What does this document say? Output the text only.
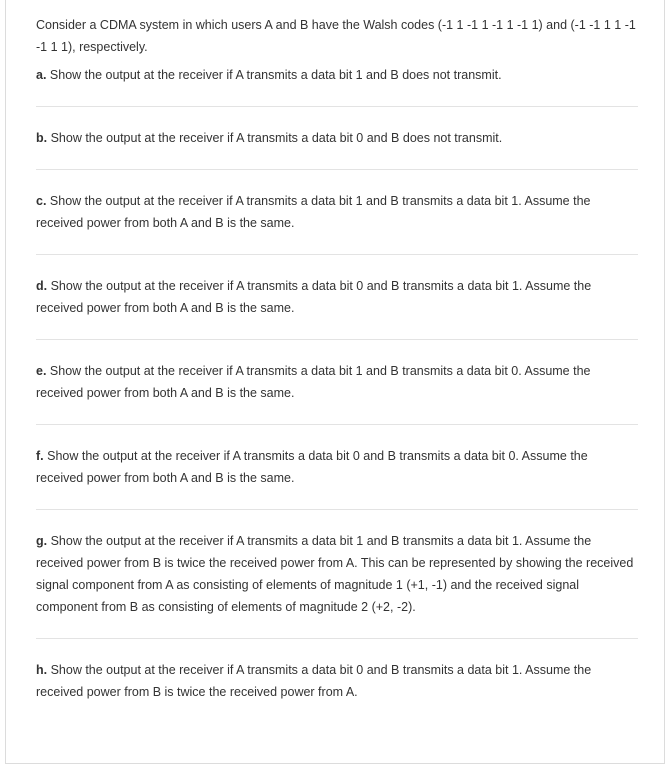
Consider a CDMA system in which users A and B have the Walsh codes (-1 1 -1 1 -1 1 -1 1) and (-1 -1 1 1 -1 -1 1 1), respectively.

a. Show the output at the receiver if A transmits a data bit 1 and B does not transmit.

b. Show the output at the receiver if A transmits a data bit 0 and B does not transmit.

c. Show the output at the receiver if A transmits a data bit 1 and B transmits a data bit 1. Assume the received power from both A and B is the same.

d. Show the output at the receiver if A transmits a data bit 0 and B transmits a data bit 1. Assume the received power from both A and B is the same.

e. Show the output at the receiver if A transmits a data bit 1 and B transmits a data bit 0. Assume the received power from both A and B is the same.

f. Show the output at the receiver if A transmits a data bit 0 and B transmits a data bit 0. Assume the received power from both A and B is the same.

g. Show the output at the receiver if A transmits a data bit 1 and B transmits a data bit 1. Assume the received power from B is twice the received power from A. This can be represented by showing the received signal component from A as consisting of elements of magnitude 1 (+1, -1) and the received signal component from B as consisting of elements of magnitude 2 (+2, -2).

h. Show the output at the receiver if A transmits a data bit 0 and B transmits a data bit 1. Assume the received power from B is twice the received power from A.
